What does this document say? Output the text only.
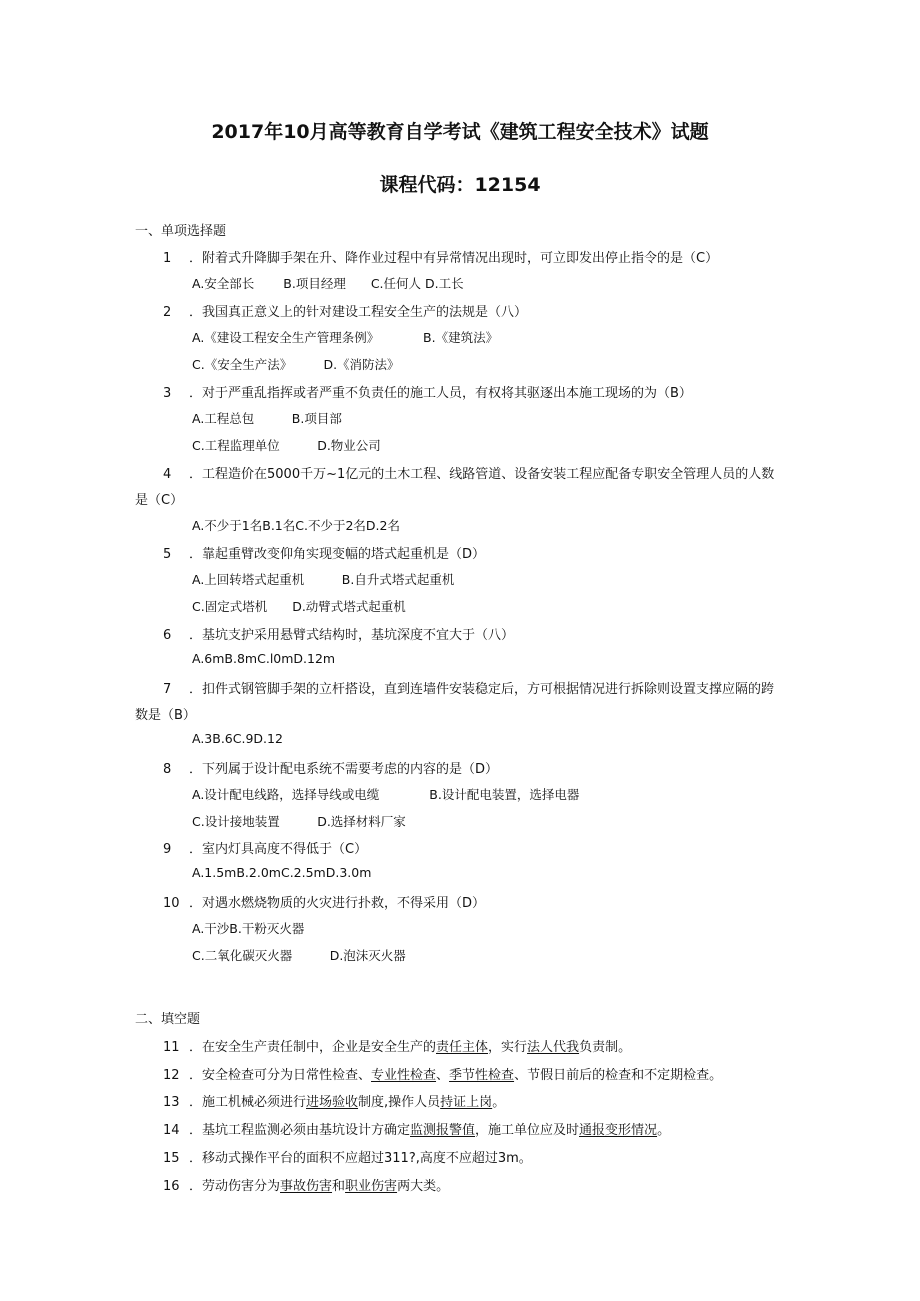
2017年10月高等教育自学考试《建筑工程安全技术》试题
课程代码：12154
一、单项选择题
1 ．附着式升降脚手架在升、降作业过程中有异常情况出现时，可立即发出停止指令的是（C）
A.安全部长　　 B.项目经理　　C.任何人 D.工长
2 ．我国真正意义上的针对建设工程安全生产的法规是（八）
A.《建设工程安全生产管理条例》　　　　B.《建筑法》
C.《安全生产法》　　　D.《消防法》
3 ．对于严重乱指挥或者严重不负责任的施工人员，有权将其驱逐出本施工现场的为（B）
A.工程总包　　　B.项目部
C.工程监理单位　　　D.物业公司
4 ．工程造价在5000千万~1亿元的土木工程、线路管道、设备安装工程应配备专职安全管理人员的人数
是（C）
A.不少于1名B.1名C.不少于2名D.2名
5 ．靠起重臂改变仰角实现变幅的塔式起重机是（D）
A.上回转塔式起重机　　　B.自升式塔式起重机
C.固定式塔机　　D.动臂式塔式起重机
6 ．基坑支护采用悬臂式结构时，基坑深度不宜大于（八）
A.6mB.8mC.l0mD.12m
7 ．扣件式钢管脚手架的立杆搭设，直到连墙件安装稳定后，方可根据情况进行拆除则设置支撑应隔的跨
数是（B）
A.3B.6C.9D.12
8 ．下列属于设计配电系统不需要考虑的内容的是（D）
A.设计配电线路，选择导线或电缆　　　　B.设计配电装置，选择电器
C.设计接地装置　　　D.选择材料厂家
9 ．室内灯具高度不得低于（C）
A.1.5mB.2.0mC.2.5mD.3.0m
10 ．对遇水燃烧物质的火灾进行扑救，不得采用（D）
A.干沙B.干粉灭火器
C.二氧化碳灭火器　　　D.泡沫灭火器
二、填空题
11 ．在安全生产责任制中，企业是安全生产的责任主体，实行法人代我负责制。
12 ．安全检查可分为日常性检查、专业性检查、季节性检查、节假日前后的检查和不定期检查。
13 ．施工机械必须进行进场验收制度,操作人员持证上岗。
14 ．基坑工程监测必须由基坑设计方确定监测报警值，施工单位应及时通报变形情况。
15 ．移动式操作平台的面积不应超过311?,高度不应超过3m。
16 ．劳动伤害分为事故伤害和职业伤害两大类。
